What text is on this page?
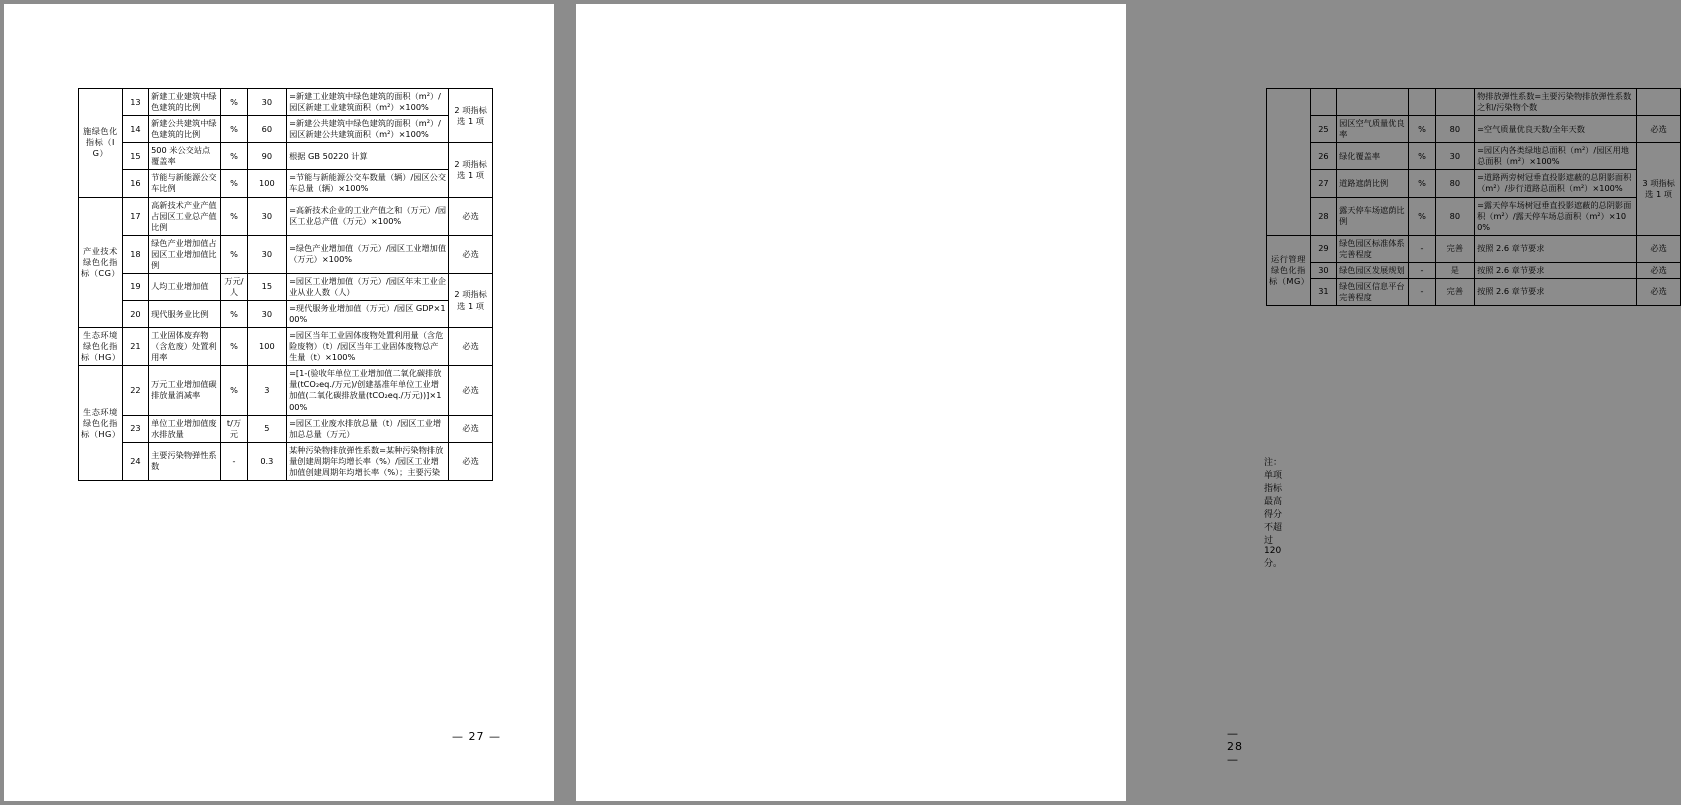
施绿色化指标（IG）	13	新建工业建筑中绿色建筑的比例	%	30	=新建工业建筑中绿色建筑的面积（m²）/园区新建工业建筑面积（m²）×100%	2 项指标选 1 项
	14	新建公共建筑中绿色建筑的比例	%	60	=新建公共建筑中绿色建筑的面积（m²）/园区新建公共建筑面积（m²）×100%	
	15	500 米公交站点覆盖率	%	90	根据 GB 50220 计算	2 项指标选 1 项
	16	节能与新能源公交车比例	%	100	=节能与新能源公交车数量（辆）/园区公交车总量（辆）×100%	
产业技术绿色化指标（CG）	17	高新技术产业产值占园区工业总产值比例	%	30	=高新技术企业的工业产值之和（万元）/园区工业总产值（万元）×100%	必选
	18	绿色产业增加值占园区工业增加值比例	%	30	=绿色产业增加值（万元）/园区工业增加值（万元）×100%	必选
	19	人均工业增加值	万元/人	15	=园区工业增加值（万元）/园区年末工业企业从业人数（人）	2 项指标选 1 项
	20	现代服务业比例	%	30	=现代服务业增加值（万元）/园区 GDP×100%	
生态环境绿色化指标（HG）	21	工业固体废弃物（含危废）处置利用率	%	100	=园区当年工业固体废物处置利用量（含危险废物）（t）/园区当年工业固体废物总产生量（t）×100%	必选
生态环境绿色化指标（HG）	22	万元工业增加值碳排放量消减率	%	3	=[1-(验收年单位工业增加值二氧化碳排放量(tCO₂eq./万元)/创建基准年单位工业增加值(二氧化碳排放量(tCO₂eq./万元))]×100%	必选
	23	单位工业增加值废水排放量	t/万元	5	=园区工业废水排放总量（t）/园区工业增加总总量（万元）	必选
	24	主要污染物弹性系数	-	0.3	某种污染物排放弹性系数=某种污染物排放量创建周期年均增长率（%）/园区工业增加值创建周期年均增长率（%）；主要污染	必选
— 27 —
					物排放弹性系数=主要污染物排放弹性系数之和/污染物个数	
	25	园区空气质量优良率	%	80	=空气质量优良天数/全年天数	必选
	26	绿化覆盖率	%	30	=园区内各类绿地总面积（m²）/园区用地总面积（m²）×100%	3 项指标选 1 项
	27	道路遮荫比例	%	80	=道路两旁树冠垂直投影遮蔽的总阴影面积（m²）/步行道路总面积（m²）×100%	
	28	露天停车场遮荫比例	%	80	=露天停车场树冠垂直投影遮蔽的总阴影面积（m²）/露天停车场总面积（m²）×100%	
运行管理绿色化指标（MG）	29	绿色园区标准体系完善程度	-	完善	按照 2.6 章节要求	必选
	30	绿色园区发展规划	-	是	按照 2.6 章节要求	必选
	31	绿色园区信息平台完善程度	-	完善	按照 2.6 章节要求	必选
注：单项指标最高得分不超过 120 分。
— 28 —
